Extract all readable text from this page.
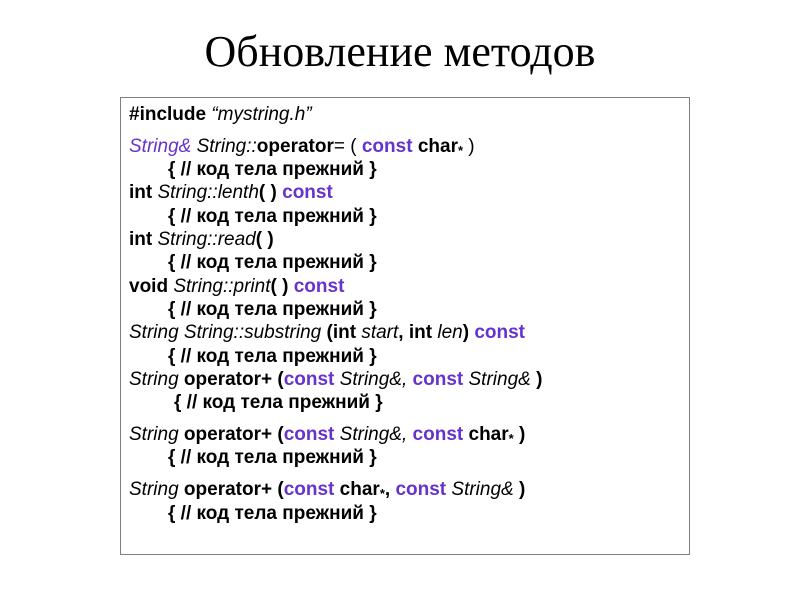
Обновление методов
#include “mystring.h”
String& String::operator= ( const char$_*$ )
{ // код тела прежний }
int String::lenth( ) const
{ // код тела прежний }
int String::read( )
{ // код тела прежний }
void String::print( ) const
{ // код тела прежний }
String String::substring (int start, int len) const
{ // код тела прежний }
String operator+ (const String&, const String& )
{ // код тела прежний }
String operator+ (const String&, const char$_*$ )
{ // код тела прежний }
String operator+ (const char$_*$, const String& )
{ // код тела прежний }
